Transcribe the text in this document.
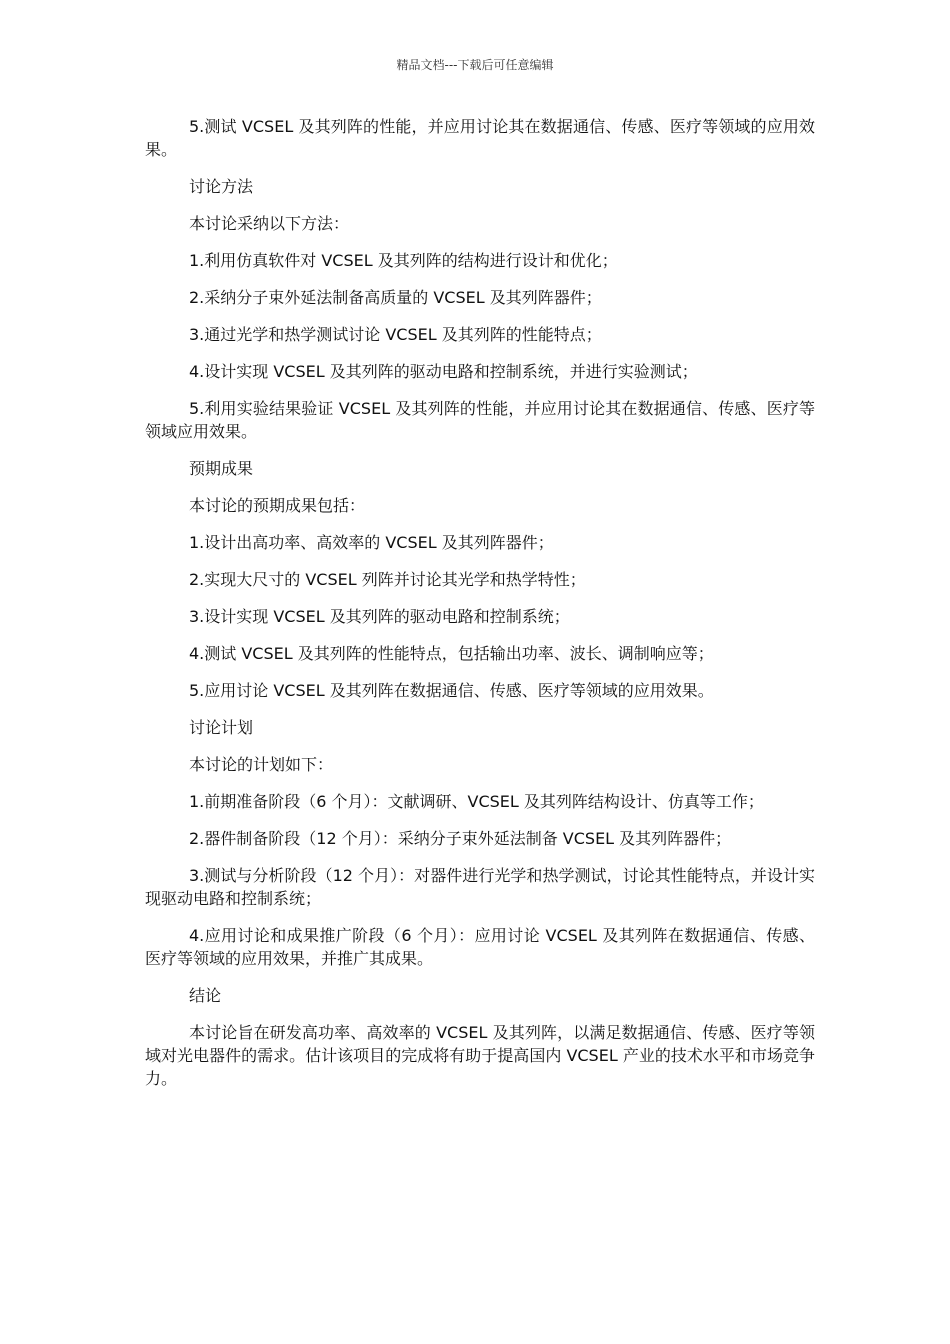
精品文档---下载后可任意编辑

5.测试 VCSEL 及其列阵的性能，并应用讨论其在数据通信、传感、医疗等领域的应用效果。

讨论方法

本讨论采纳以下方法：

1.利用仿真软件对 VCSEL 及其列阵的结构进行设计和优化；

2.采纳分子束外延法制备高质量的 VCSEL 及其列阵器件；

3.通过光学和热学测试讨论 VCSEL 及其列阵的性能特点；

4.设计实现 VCSEL 及其列阵的驱动电路和控制系统，并进行实验测试；

5.利用实验结果验证 VCSEL 及其列阵的性能，并应用讨论其在数据通信、传感、医疗等领域应用效果。

预期成果

本讨论的预期成果包括：

1.设计出高功率、高效率的 VCSEL 及其列阵器件；

2.实现大尺寸的 VCSEL 列阵并讨论其光学和热学特性；

3.设计实现 VCSEL 及其列阵的驱动电路和控制系统；

4.测试 VCSEL 及其列阵的性能特点，包括输出功率、波长、调制响应等；

5.应用讨论 VCSEL 及其列阵在数据通信、传感、医疗等领域的应用效果。

讨论计划

本讨论的计划如下：

1.前期准备阶段（6 个月）：文献调研、VCSEL 及其列阵结构设计、仿真等工作；

2.器件制备阶段（12 个月）：采纳分子束外延法制备 VCSEL 及其列阵器件；

3.测试与分析阶段（12 个月）：对器件进行光学和热学测试，讨论其性能特点，并设计实现驱动电路和控制系统；

4.应用讨论和成果推广阶段（6 个月）：应用讨论 VCSEL 及其列阵在数据通信、传感、医疗等领域的应用效果，并推广其成果。

结论

本讨论旨在研发高功率、高效率的 VCSEL 及其列阵，以满足数据通信、传感、医疗等领域对光电器件的需求。估计该项目的完成将有助于提高国内 VCSEL 产业的技术水平和市场竞争力。
